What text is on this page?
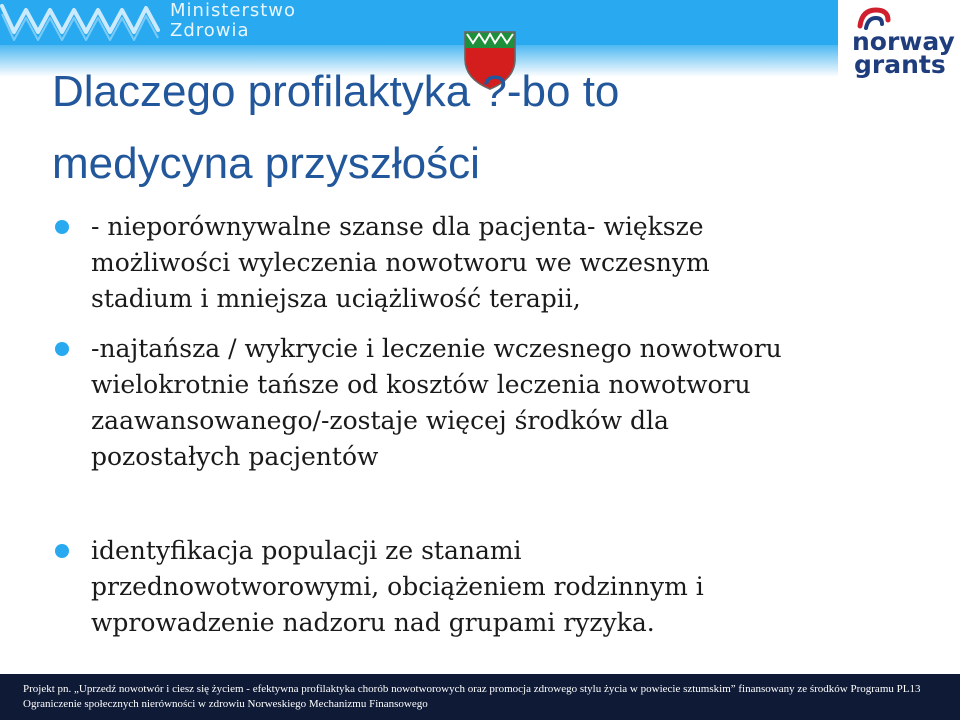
Ministerstwo
Zdrowia	norway
grants
Dlaczego profilaktyka ?-bo to
medycyna przyszłości
- nieporównywalne szanse dla pacjenta- większe
możliwości wyleczenia nowotworu we wczesnym
stadium i mniejsza uciążliwość terapii,
-najtańsza / wykrycie i leczenie wczesnego nowotworu
wielokrotnie tańsze od kosztów leczenia nowotworu
zaawansowanego/-zostaje więcej środków dla
pozostałych pacjentów
identyfikacja populacji ze stanami
przednowotworowymi, obciążeniem rodzinnym i
wprowadzenie nadzoru nad grupami ryzyka.
Projekt pn. „Uprzedź nowotwór i ciesz się życiem - efektywna profilaktyka chorób nowotworowych oraz promocja zdrowego stylu życia w powiecie sztumskim” finansowany ze środków Programu PL13
Ograniczenie społecznych nierówności w zdrowiu Norweskiego Mechanizmu Finansowego
